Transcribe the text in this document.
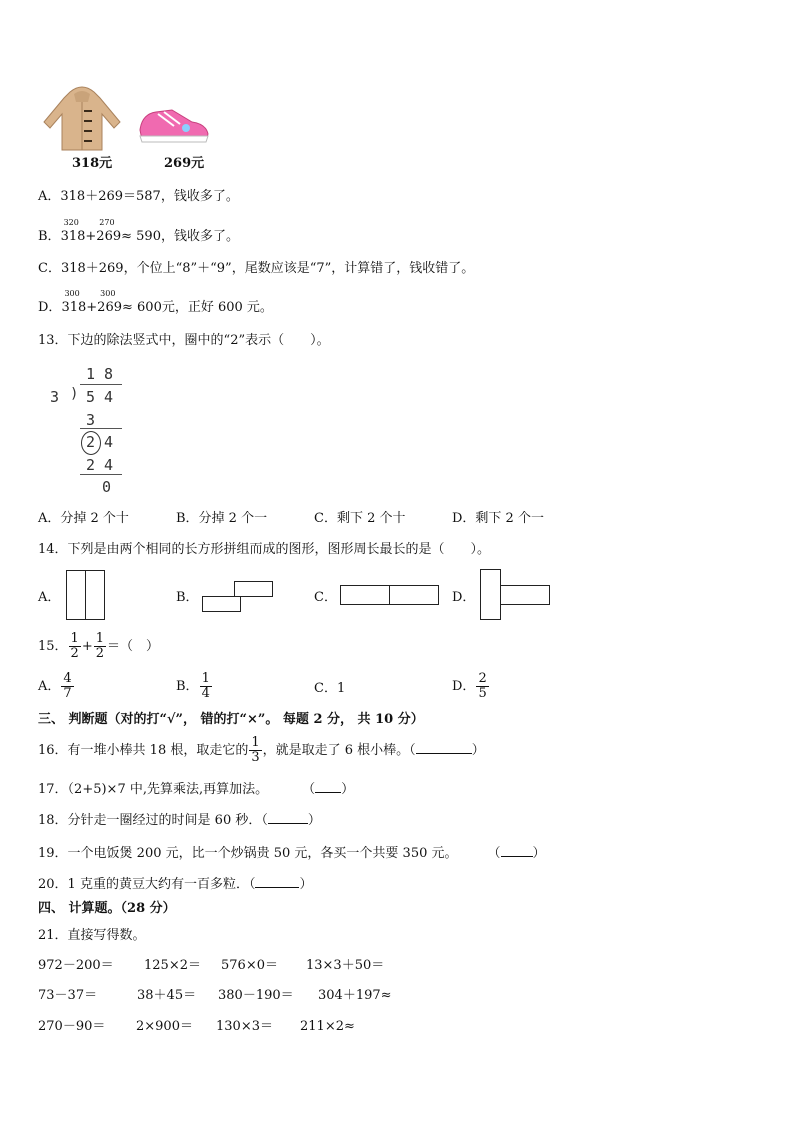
318元	269元
A．318＋269＝587，钱收多了。
B．
320
318+
270
269≈ 590，钱收多了。
C．318＋269，个位上“8”＋“9”，尾数应该是“7”，计算错了，钱收错了。
D．
300
318+
300
269≈ 600元，正好 600 元。
13．下边的除法竖式中，圈中的“2”表示（　　）。
1 8
3 ) 5 4
3
2 4
2 4
0
A．分掉 2 个十	B．分掉 2 个一	C．剩下 2 个十	D．剩下 2 个一
14．下列是由两个相同的长方形拼组而成的图形，图形周长最长的是（　　）。
A．	B．	C．	D．
15． $\frac{1}{2} + \frac{1}{2}$ ＝（　）
A． $\frac{4}{7}$	B． $\frac{1}{4}$	C．1	D． $\frac{2}{5}$
三、 判断题（对的打“√”， 错的打“×”。 每题 2 分， 共 10 分）
16．有一堆小棒共 18 根，取走它的 $\frac{1}{3}$ ，就是取走了 6 根小棒。（	）
17．（2+5)×7 中,先算乘法,再算加法。	（ ）
18．分针走一圈经过的时间是 60 秒．（	）
19．一个电饭煲 200 元，比一个炒锅贵 50 元，各买一个共要 350 元。 （ ）
20．1 克重的黄豆大约有一百多粒．（	）
四、 计算题。（28 分）
21．直接写得数。
972－200＝ 125×2＝ 576×0＝ 13×3＋50＝
73－37＝	38＋45＝ 380－190＝ 304＋197≈
270－90＝ 2×900＝ 130×3＝ 211×2≈
